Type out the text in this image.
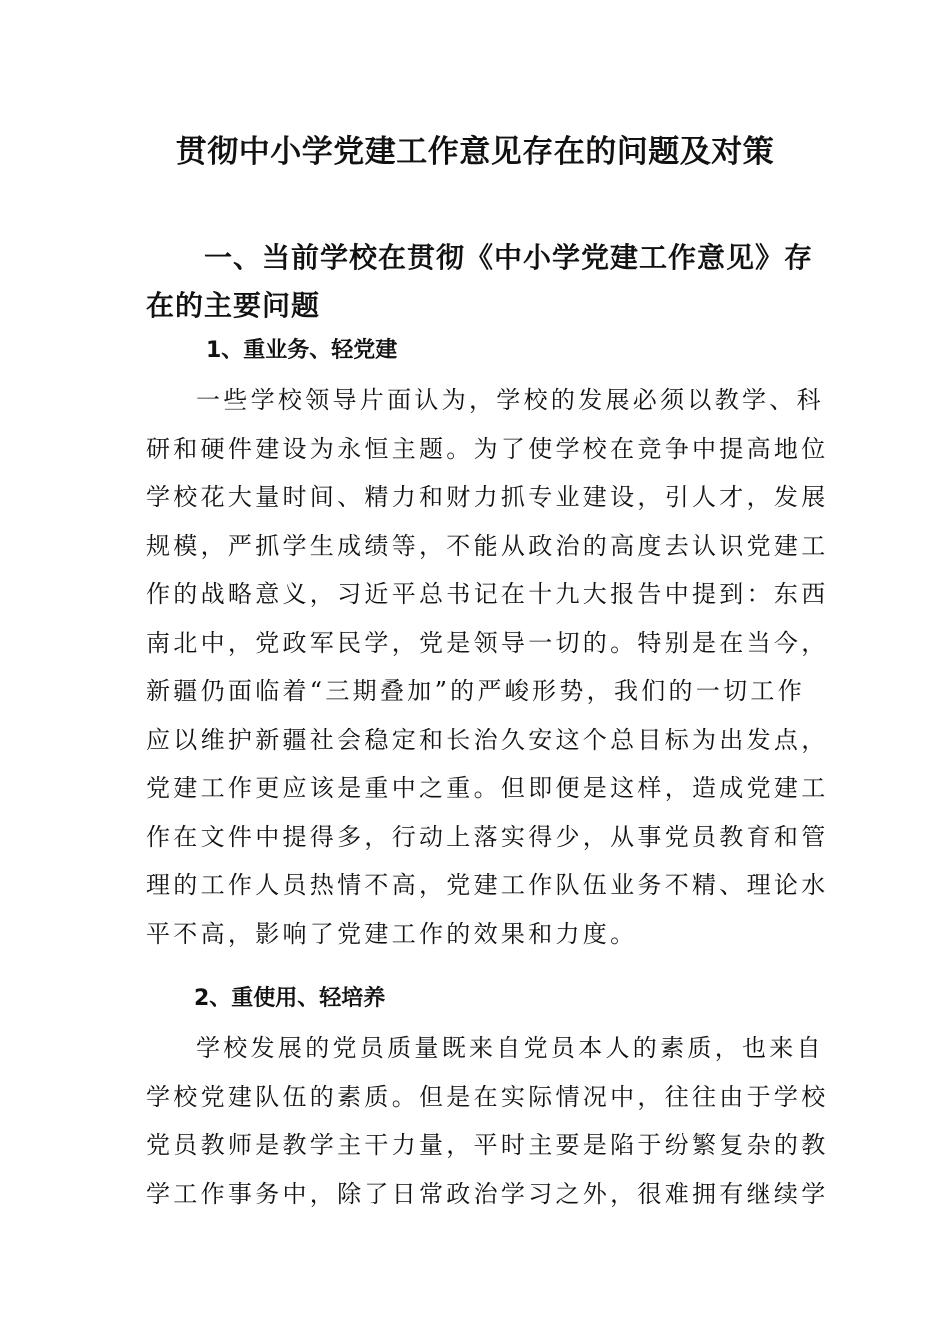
贯彻中小学党建工作意见存在的问题及对策
一、当前学校在贯彻《中小学党建工作意见》存在的主要问题
1、重业务、轻党建
一些学校领导片面认为，学校的发展必须以教学、科
研和硬件建设为永恒主题。为了使学校在竞争中提高地位
学校花大量时间、精力和财力抓专业建设，引人才，发展
规模，严抓学生成绩等，不能从政治的高度去认识党建工
作的战略意义，习近平总书记在十九大报告中提到：东西
南北中，党政军民学，党是领导一切的。特别是在当今，
新疆仍面临着“三期叠加”的严峻形势，我们的一切工作
应以维护新疆社会稳定和长治久安这个总目标为出发点，
党建工作更应该是重中之重。但即便是这样，造成党建工
作在文件中提得多，行动上落实得少，从事党员教育和管
理的工作人员热情不高，党建工作队伍业务不精、理论水
平不高，影响了党建工作的效果和力度。
2、重使用、轻培养
学校发展的党员质量既来自党员本人的素质，也来自
学校党建队伍的素质。但是在实际情况中，往往由于学校
党员教师是教学主干力量，平时主要是陷于纷繁复杂的教
学工作事务中，除了日常政治学习之外，很难拥有继续学
